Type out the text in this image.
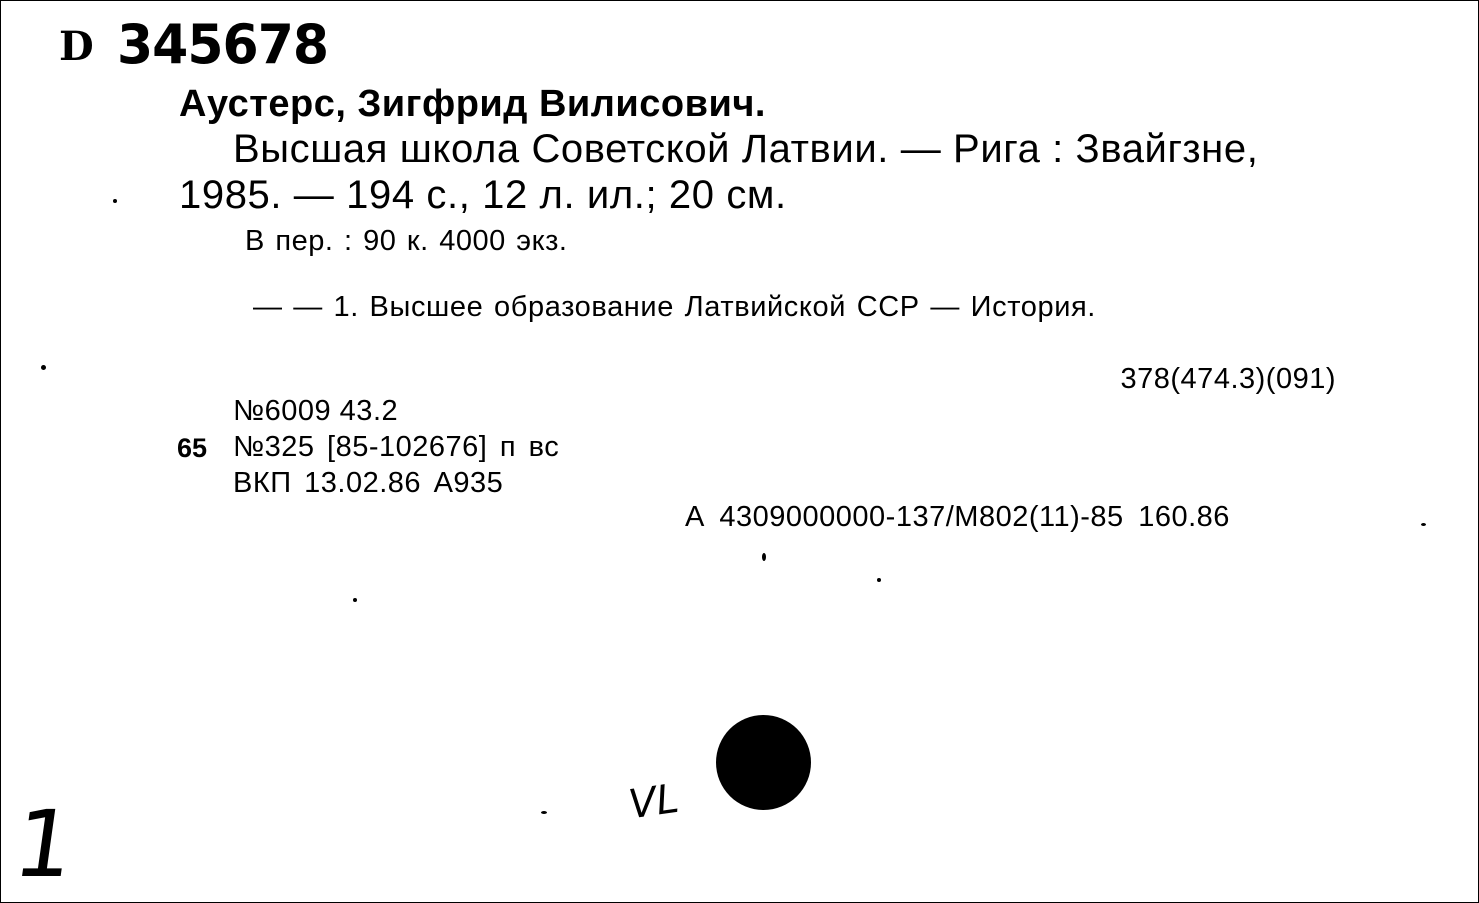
D 345678
Аустерс, Зигфрид Вилисович.
Высшая школа Советской Латвии. — Рига : Звайгзне,
1985. — 194 с., 12 л. ил.; 20 см.
В пер. : 90 к. 4000 экз.
— — 1. Высшее образование Латвийской ССР — История.
378(474.3)(091)
№6009 43.2
65 №325 [85-102676] п вс
ВКП 13.02.86 А935
А 4309000000-137/М802(11)-85 160.86
1	VL
